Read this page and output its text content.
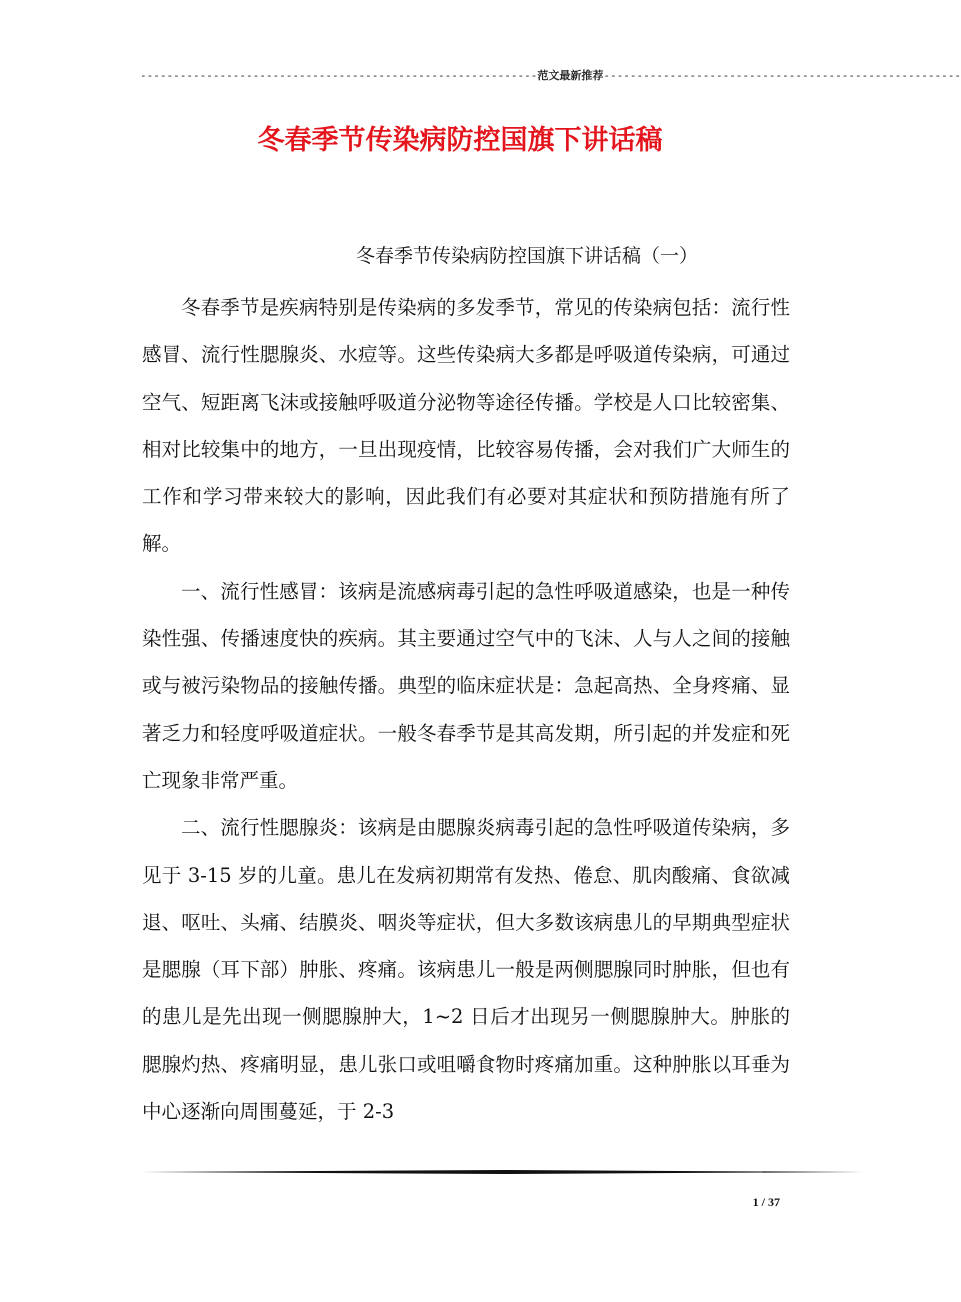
------------------------------------------------------------范文最新推荐------------------------------------------------------
冬春季节传染病防控国旗下讲话稿
冬春季节传染病防控国旗下讲话稿（一）

冬春季节是疾病特别是传染病的多发季节，常见的传染病包括：流行性感冒、流行性腮腺炎、水痘等。这些传染病大多都是呼吸道传染病，可通过空气、短距离飞沫或接触呼吸道分泌物等途径传播。学校是人口比较密集、相对比较集中的地方，一旦出现疫情，比较容易传播，会对我们广大师生的工作和学习带来较大的影响，因此我们有必要对其症状和预防措施有所了解。

一、流行性感冒：该病是流感病毒引起的急性呼吸道感染，也是一种传染性强、传播速度快的疾病。其主要通过空气中的飞沫、人与人之间的接触或与被污染物品的接触传播。典型的临床症状是：急起高热、全身疼痛、显著乏力和轻度呼吸道症状。一般冬春季节是其高发期，所引起的并发症和死亡现象非常严重。

二、流行性腮腺炎：该病是由腮腺炎病毒引起的急性呼吸道传染病，多见于 3-15 岁的儿童。患儿在发病初期常有发热、倦怠、肌肉酸痛、食欲减退、呕吐、头痛、结膜炎、咽炎等症状，但大多数该病患儿的早期典型症状是腮腺（耳下部）肿胀、疼痛。该病患儿一般是两侧腮腺同时肿胀，但也有的患儿是先出现一侧腮腺肿大，1~2 日后才出现另一侧腮腺肿大。肿胀的腮腺灼热、疼痛明显，患儿张口或咀嚼食物时疼痛加重。这种肿胀以耳垂为中心逐渐向周围蔓延，于 2-3

1 / 37
